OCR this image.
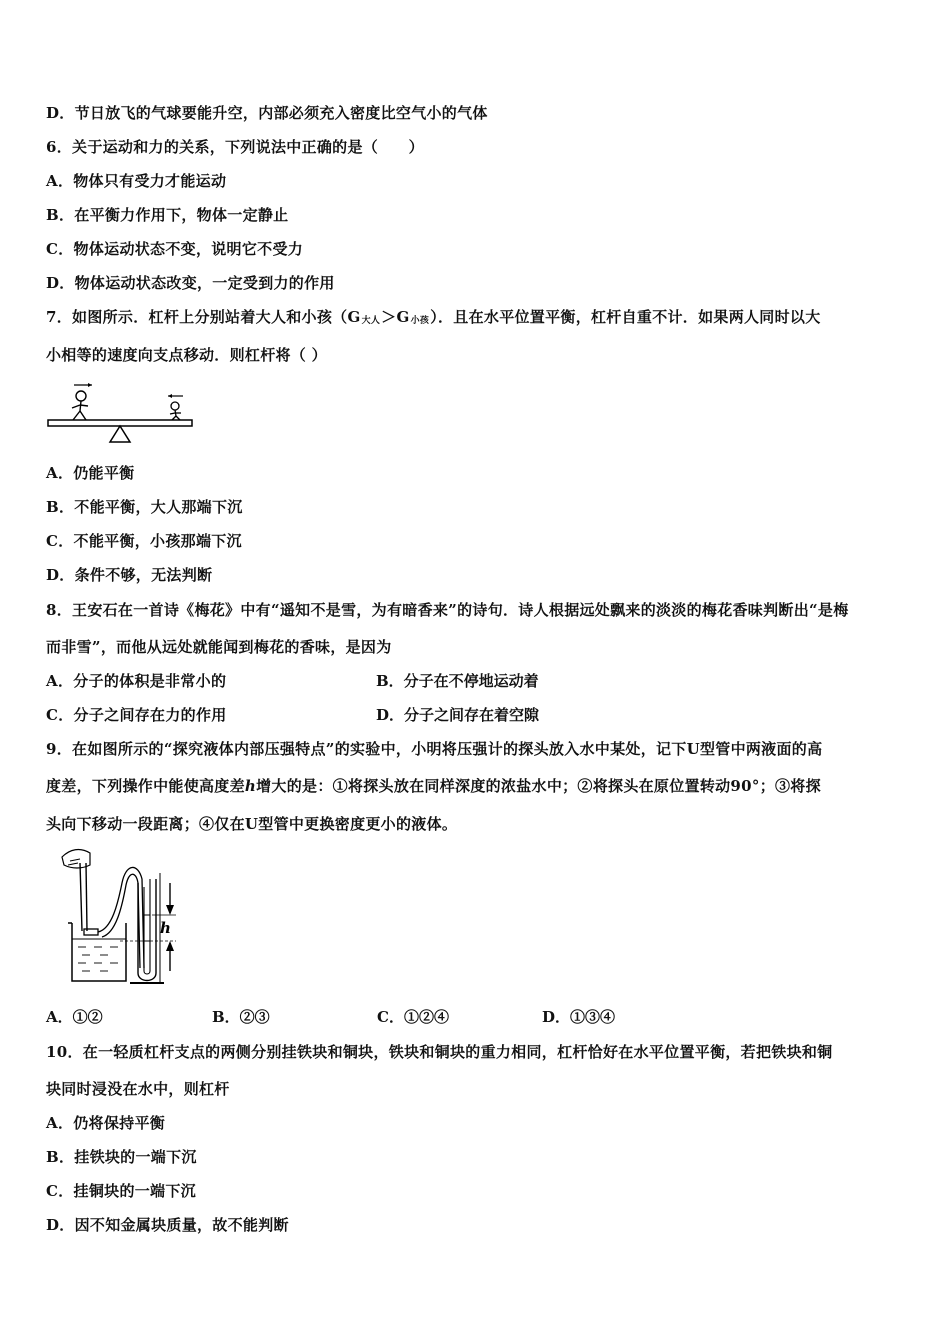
D．节日放飞的气球要能升空，内部必须充入密度比空气小的气体
6．关于运动和力的关系，下列说法中正确的是（　　）
A．物体只有受力才能运动
B．在平衡力作用下，物体一定静止
C．物体运动状态不变，说明它不受力
D．物体运动状态改变，一定受到力的作用
7．如图所示．杠杆上分别站着大人和小孩$(G_{大人}>G_{小孩})$．且在水平位置平衡，杠杆自重不计．如果两人同时以大
小相等的速度向支点移动．则杠杆将（ ）
A．仍能平衡
B．不能平衡，大人那端下沉
C．不能平衡，小孩那端下沉
D．条件不够，无法判断
8．王安石在一首诗《梅花》中有“遥知不是雪，为有暗香来”的诗句．诗人根据远处飘来的淡淡的梅花香味判断出“是梅
而非雪”，而他从远处就能闻到梅花的香味，是因为
A．分子的体积是非常小的	B．分子在不停地运动着
C．分子之间存在力的作用	D．分子之间存在着空隙
9．在如图所示的“探究液体内部压强特点”的实验中，小明将压强计的探头放入水中某处，记下U型管中两液面的高
度差，下列操作中能使高度差h增大的是：①将探头放在同样深度的浓盐水中；②将探头在原位置转动90°；③将探
头向下移动一段距离；④仅在U型管中更换密度更小的液体。
h
A．①②	B．②③	C．①②④	D．①③④
10．在一轻质杠杆支点的两侧分别挂铁块和铜块，铁块和铜块的重力相同，杠杆恰好在水平位置平衡，若把铁块和铜
块同时浸没在水中，则杠杆
A．仍将保持平衡
B．挂铁块的一端下沉
C．挂铜块的一端下沉
D．因不知金属块质量，故不能判断
